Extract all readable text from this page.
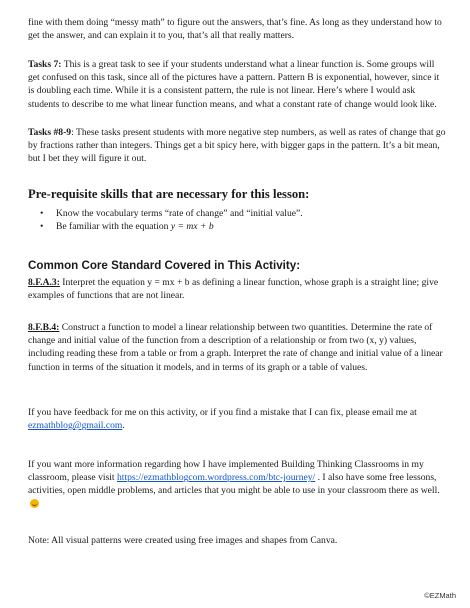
fine with them doing “messy math” to figure out the answers, that’s fine. As long as they understand how to get the answer, and can explain it to you, that’s all that really matters.

Tasks 7: This is a great task to see if your students understand what a linear function is. Some groups will get confused on this task, since all of the pictures have a pattern. Pattern B is exponential, however, since it is doubling each time. While it is a consistent pattern, the rule is not linear. Here’s where I would ask students to describe to me what linear function means, and what a constant rate of change would look like.

Tasks #8-9: These tasks present students with more negative step numbers, as well as rates of change that go by fractions rather than integers. Things get a bit spicy here, with bigger gaps in the pattern. It’s a bit mean, but I bet they will figure it out.

Pre-requisite skills that are necessary for this lesson:
• Know the vocabulary terms “rate of change” and “initial value”.
• Be familiar with the equation y = mx + b
Common Core Standard Covered in This Activity:

8.F.A.3: Interpret the equation y = mx + b as defining a linear function, whose graph is a straight line; give examples of functions that are not linear.

8.F.B.4: Construct a function to model a linear relationship between two quantities. Determine the rate of change and initial value of the function from a description of a relationship or from two (x, y) values, including reading these from a table or from a graph. Interpret the rate of change and initial value of a linear function in terms of the situation it models, and in terms of its graph or a table of values.

If you have feedback for me on this activity, or if you find a mistake that I can fix, please email me at ezmathblog@gmail.com.

If you want more information regarding how I have implemented Building Thinking Classrooms in my classroom, please visit https://ezmathblogcom.wordpress.com/btc-journey/ . I also have some free lessons, activities, open middle problems, and articles that you might be able to use in your classroom there as well.

Note: All visual patterns were created using free images and shapes from Canva.

©EZMath
